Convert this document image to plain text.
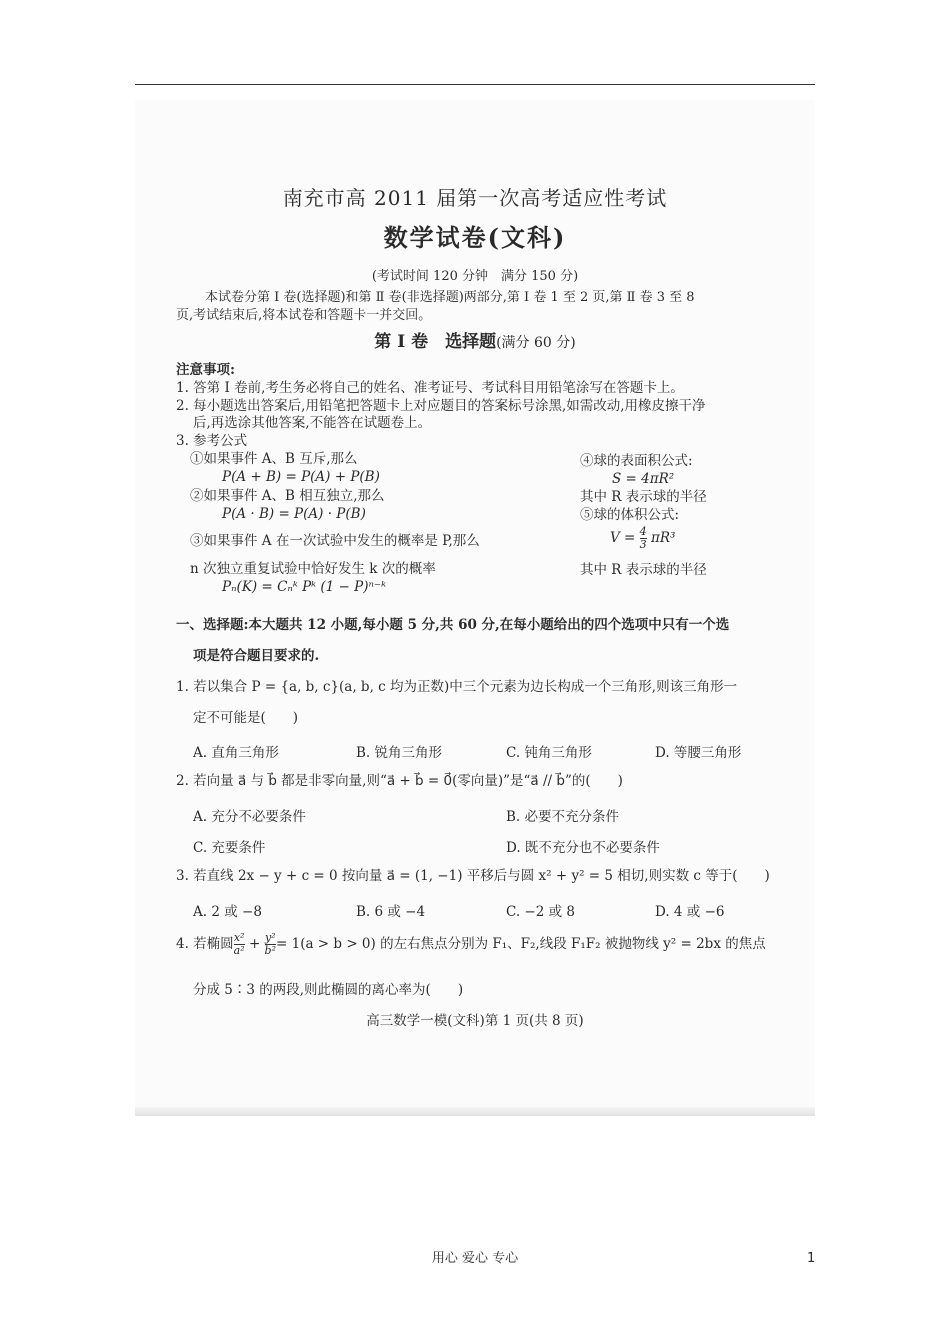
南充市高 2011 届第一次高考适应性考试
数学试卷(文科)
(考试时间 120 分钟　满分 150 分)
本试卷分第 Ⅰ 卷(选择题)和第 Ⅱ 卷(非选择题)两部分,第 Ⅰ 卷 1 至 2 页,第 Ⅱ 卷 3 至 8
页,考试结束后,将本试卷和答题卡一并交回。
第 Ⅰ 卷　选择题(满分 60 分)
注意事项:
1. 答第 Ⅰ 卷前,考生务必将自己的姓名、准考证号、考试科目用铅笔涂写在答题卡上。
2. 每小题选出答案后,用铅笔把答题卡上对应题目的答案标号涂黑,如需改动,用橡皮擦干净
后,再选涂其他答案,不能答在试题卷上。
3. 参考公式
①如果事件 A、B 互斥,那么
P(A + B) = P(A) + P(B)
②如果事件 A、B 相互独立,那么
P(A · B) = P(A) · P(B)
③如果事件 A 在一次试验中发生的概率是 P,那么
n 次独立重复试验中恰好发生 k 次的概率
Pₙ(K) = Cₙᵏ Pᵏ (1 − P)ⁿ⁻ᵏ
④球的表面积公式:
S = 4πR²
其中 R 表示球的半径
⑤球的体积公式:
$V = \frac{4}{3} \pi R^3$
其中 R 表示球的半径
一、选择题:本大题共 12 小题,每小题 5 分,共 60 分,在每小题给出的四个选项中只有一个选
项是符合题目要求的.
1. 若以集合 P = {a, b, c}(a, b, c 均为正数)中三个元素为边长构成一个三角形,则该三角形一
定不可能是(　　)
A. 直角三角形	B. 锐角三角形	C. 钝角三角形	D. 等腰三角形
2. 若向量 a⃗ 与 b⃗ 都是非零向量,则“a⃗ + b⃗ = 0⃗(零向量)”是“a⃗ // b⃗”的(　　)
A. 充分不必要条件	B. 必要不充分条件
C. 充要条件	D. 既不充分也不必要条件
3. 若直线 2x − y + c = 0 按向量 a⃗ = (1, −1) 平移后与圆 x² + y² = 5 相切,则实数 c 等于(　　)
A. 2 或 −8	B. 6 或 −4	C. −2 或 8	D. 4 或 −6
4. 若椭圆 $\frac{\text{x²}}{\text{a²}} + \frac{\text{y²}}{\text{b²}} = 1(a > b > 0)$ 的左右焦点分别为 F₁、F₂,线段 F₁F₂ 被抛物线 y² = 2bx 的焦点
分成 5∶3 的两段,则此椭圆的离心率为(　　)
高三数学一模(文科)第 1 页(共 8 页)
用心 爱心 专心	1
